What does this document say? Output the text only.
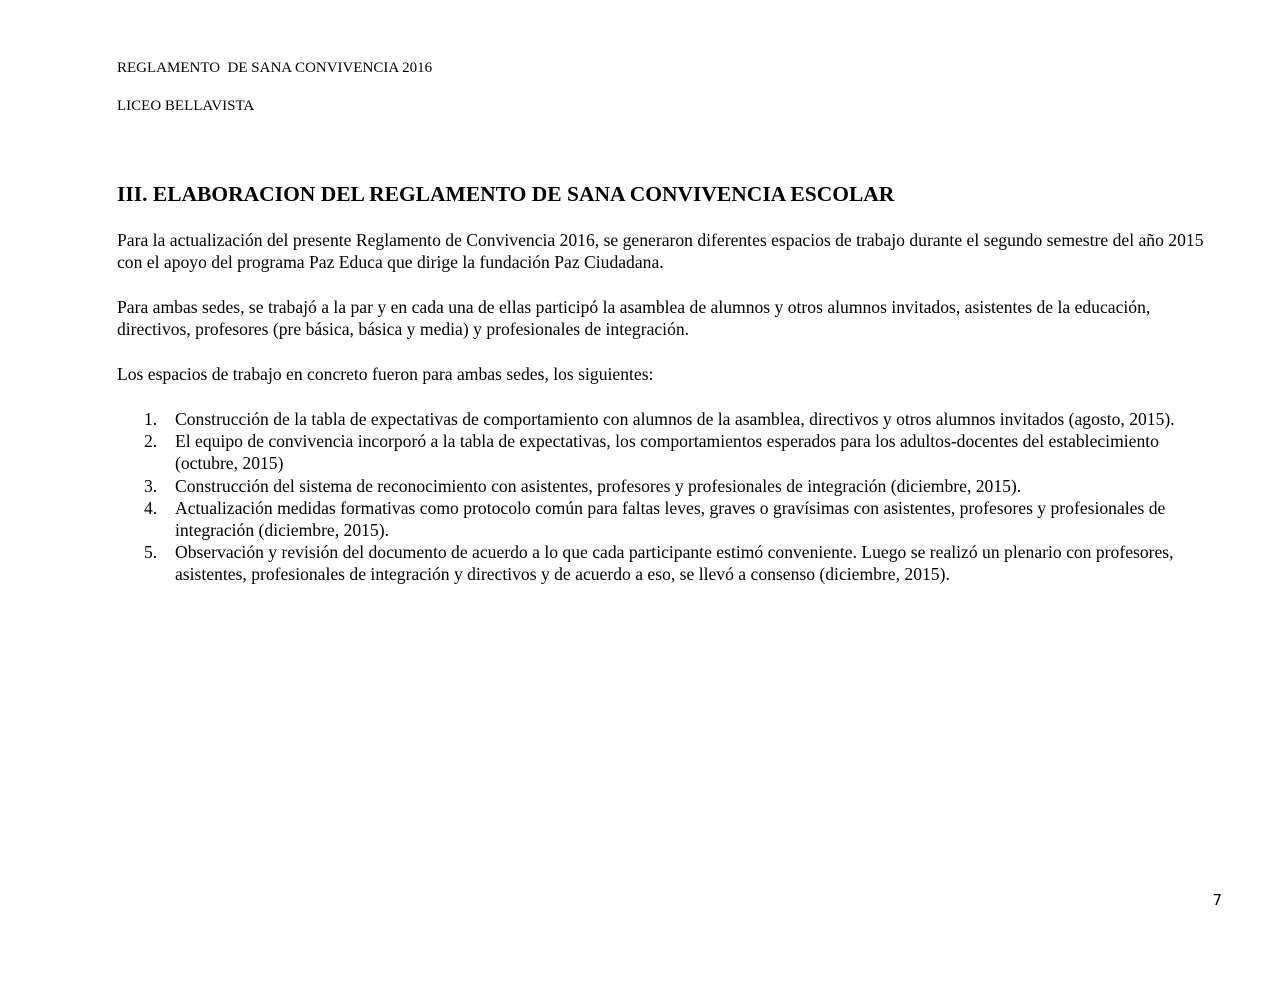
REGLAMENTO  DE SANA CONVIVENCIA 2016
LICEO BELLAVISTA
III. ELABORACION DEL REGLAMENTO DE SANA CONVIVENCIA ESCOLAR

Para la actualización del presente Reglamento de Convivencia 2016, se generaron diferentes espacios de trabajo durante el segundo semestre del año 2015 con el apoyo del programa Paz Educa que dirige la fundación Paz Ciudadana.

Para ambas sedes, se trabajó a la par y en cada una de ellas participó la asamblea de alumnos y otros alumnos invitados, asistentes de la educación, directivos, profesores (pre básica, básica y media) y profesionales de integración.

Los espacios de trabajo en concreto fueron para ambas sedes, los siguientes:

1. Construcción de la tabla de expectativas de comportamiento con alumnos de la asamblea, directivos y otros alumnos invitados (agosto, 2015).
2. El equipo de convivencia incorporó a la tabla de expectativas, los comportamientos esperados para los adultos-docentes del establecimiento (octubre, 2015)
3. Construcción del sistema de reconocimiento con asistentes, profesores y profesionales de integración (diciembre, 2015).
4. Actualización medidas formativas como protocolo común para faltas leves, graves o gravísimas con asistentes, profesores y profesionales de integración (diciembre, 2015).
5. Observación y revisión del documento de acuerdo a lo que cada participante estimó conveniente. Luego se realizó un plenario con profesores, asistentes, profesionales de integración y directivos y de acuerdo a eso, se llevó a consenso (diciembre, 2015).
7
